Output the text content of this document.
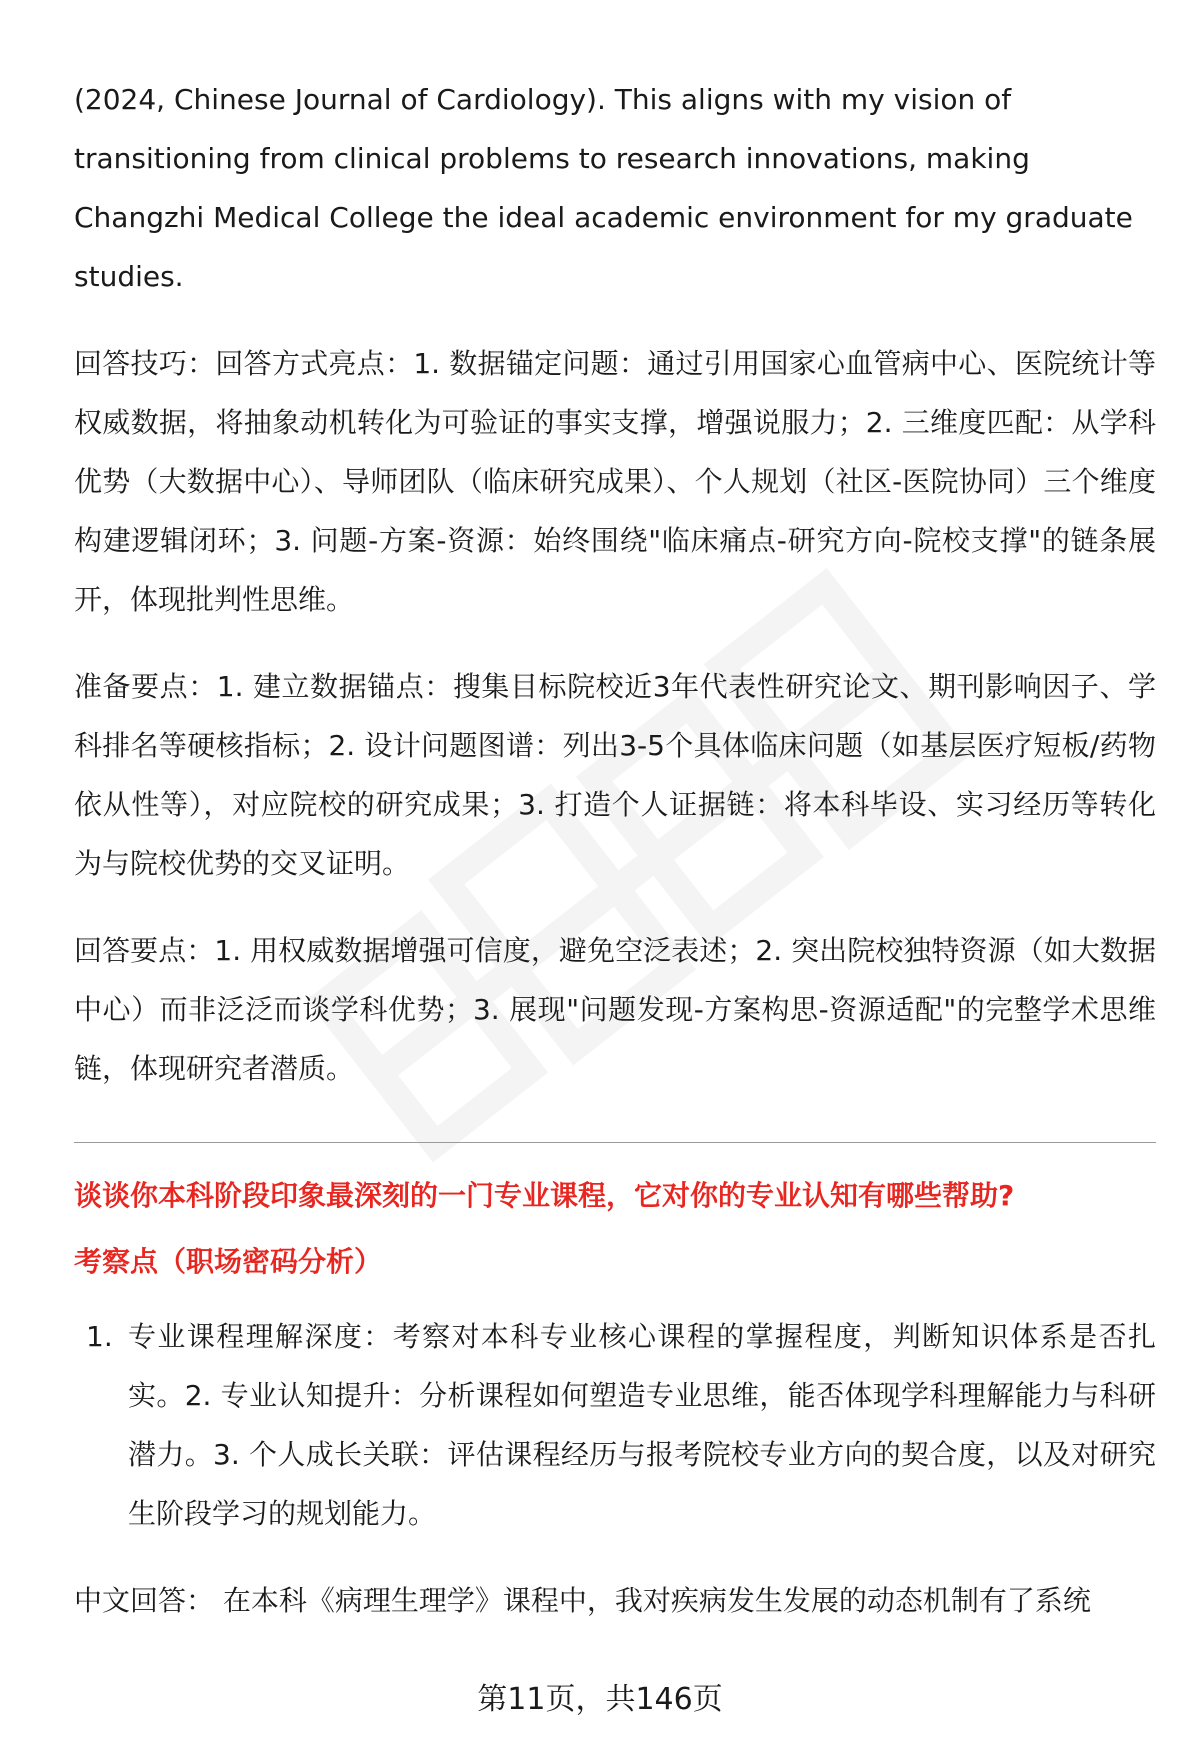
(2024, Chinese Journal of Cardiology). This aligns with my vision of transitioning from clinical problems to research innovations, making Changzhi Medical College the ideal academic environment for my graduate studies.

回答技巧：回答方式亮点：1. 数据锚定问题：通过引用国家心血管病中心、医院统计等权威数据，将抽象动机转化为可验证的事实支撑，增强说服力；2. 三维度匹配：从学科优势（大数据中心）、导师团队（临床研究成果）、个人规划（社区-医院协同）三个维度构建逻辑闭环；3. 问题-方案-资源：始终围绕"临床痛点-研究方向-院校支撑"的链条展开，体现批判性思维。

准备要点：1. 建立数据锚点：搜集目标院校近3年代表性研究论文、期刊影响因子、学科排名等硬核指标；2. 设计问题图谱：列出3-5个具体临床问题（如基层医疗短板/药物依从性等），对应院校的研究成果；3. 打造个人证据链：将本科毕设、实习经历等转化为与院校优势的交叉证明。

回答要点：1. 用权威数据增强可信度，避免空泛表述；2. 突出院校独特资源（如大数据中心）而非泛泛而谈学科优势；3. 展现"问题发现-方案构思-资源适配"的完整学术思维链，体现研究者潜质。

谈谈你本科阶段印象最深刻的一门专业课程，它对你的专业认知有哪些帮助?

考察点（职场密码分析）

1. 专业课程理解深度：考察对本科专业核心课程的掌握程度，判断知识体系是否扎实。2. 专业认知提升：分析课程如何塑造专业思维，能否体现学科理解能力与科研潜力。3. 个人成长关联：评估课程经历与报考院校专业方向的契合度，以及对研究生阶段学习的规划能力。

中文回答： 在本科《病理生理学》课程中，我对疾病发生发展的动态机制有了系统

第11页，共146页
